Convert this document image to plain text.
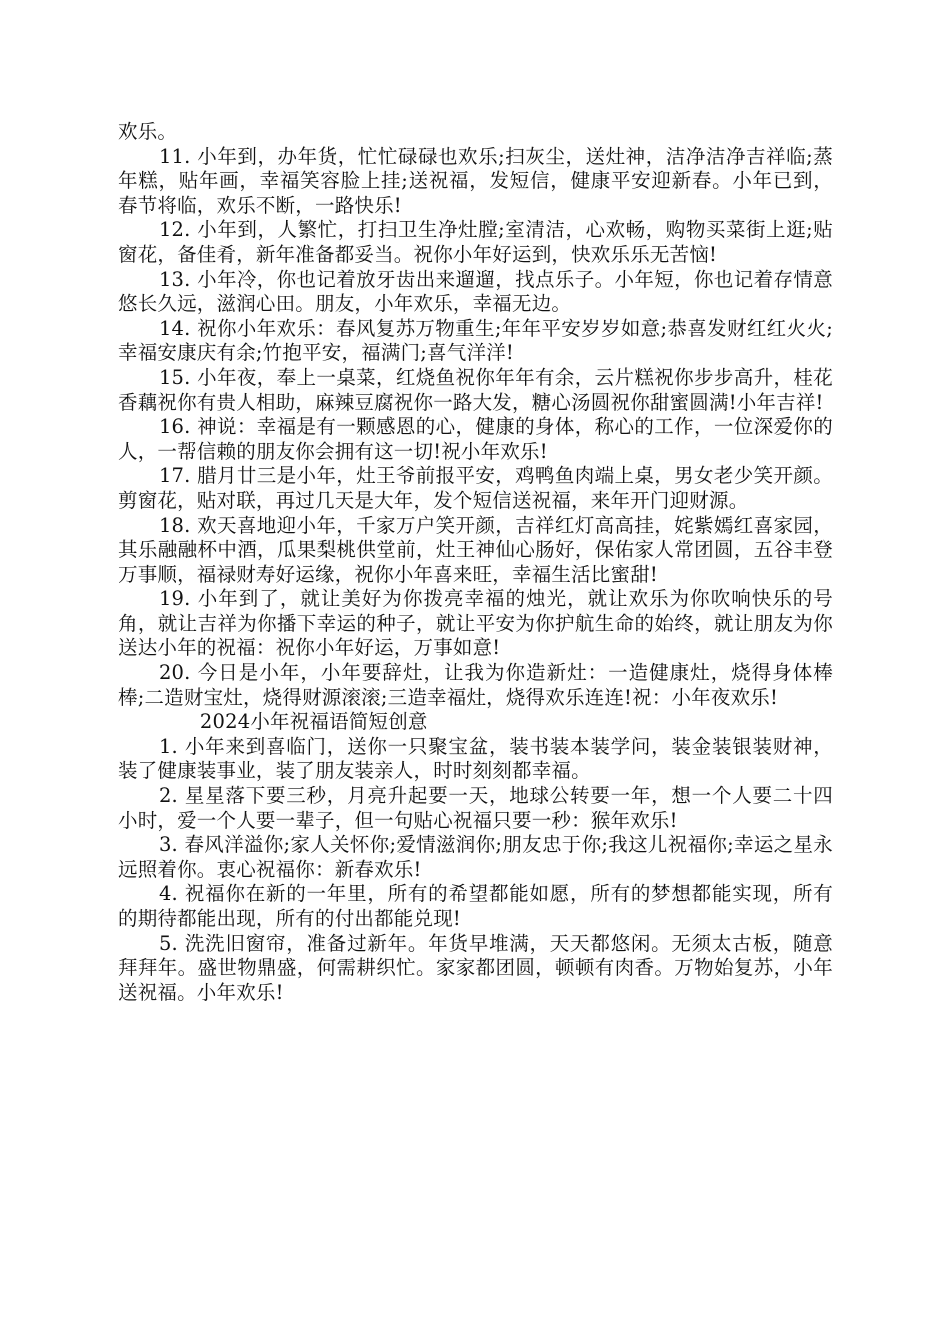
欢乐。

11. 小年到，办年货，忙忙碌碌也欢乐;扫灰尘，送灶神，洁净洁净吉祥临;蒸年糕，贴年画，幸福笑容脸上挂;送祝福，发短信，健康平安迎新春。小年已到，春节将临，欢乐不断，一路快乐!

12. 小年到，人繁忙，打扫卫生净灶膛;室清洁，心欢畅，购物买菜街上逛;贴窗花，备佳肴，新年准备都妥当。祝你小年好运到，快欢乐乐无苦恼!

13. 小年冷，你也记着放牙齿出来遛遛，找点乐子。小年短，你也记着存情意悠长久远，滋润心田。朋友，小年欢乐，幸福无边。

14. 祝你小年欢乐：春风复苏万物重生;年年平安岁岁如意;恭喜发财红红火火;幸福安康庆有余;竹抱平安，福满门;喜气洋洋!

15. 小年夜，奉上一桌菜，红烧鱼祝你年年有余，云片糕祝你步步高升，桂花香藕祝你有贵人相助，麻辣豆腐祝你一路大发，糖心汤圆祝你甜蜜圆满!小年吉祥!

16. 神说：幸福是有一颗感恩的心，健康的身体，称心的工作，一位深爱你的人，一帮信赖的朋友你会拥有这一切!祝小年欢乐!

17. 腊月廿三是小年，灶王爷前报平安，鸡鸭鱼肉端上桌，男女老少笑开颜。剪窗花，贴对联，再过几天是大年，发个短信送祝福，来年开门迎财源。

18. 欢天喜地迎小年，千家万户笑开颜，吉祥红灯高高挂，姹紫嫣红喜家园，其乐融融杯中酒，瓜果梨桃供堂前，灶王神仙心肠好，保佑家人常团圆，五谷丰登万事顺，福禄财寿好运缘，祝你小年喜来旺，幸福生活比蜜甜!

19. 小年到了，就让美好为你拨亮幸福的烛光，就让欢乐为你吹响快乐的号角，就让吉祥为你播下幸运的种子，就让平安为你护航生命的始终，就让朋友为你送达小年的祝福：祝你小年好运，万事如意!

20. 今日是小年，小年要辞灶，让我为你造新灶：一造健康灶，烧得身体棒棒;二造财宝灶，烧得财源滚滚;三造幸福灶，烧得欢乐连连!祝：小年夜欢乐!

2024小年祝福语简短创意

1. 小年来到喜临门，送你一只聚宝盆，装书装本装学问，装金装银装财神，装了健康装事业，装了朋友装亲人，时时刻刻都幸福。

2. 星星落下要三秒，月亮升起要一天，地球公转要一年，想一个人要二十四小时，爱一个人要一辈子，但一句贴心祝福只要一秒：猴年欢乐!

3. 春风洋溢你;家人关怀你;爱情滋润你;朋友忠于你;我这儿祝福你;幸运之星永远照着你。衷心祝福你：新春欢乐!

4. 祝福你在新的一年里，所有的希望都能如愿，所有的梦想都能实现，所有的期待都能出现，所有的付出都能兑现!

5. 洗洗旧窗帘，准备过新年。年货早堆满，天天都悠闲。无须太古板，随意拜拜年。盛世物鼎盛，何需耕织忙。家家都团圆，顿顿有肉香。万物始复苏，小年送祝福。小年欢乐!
